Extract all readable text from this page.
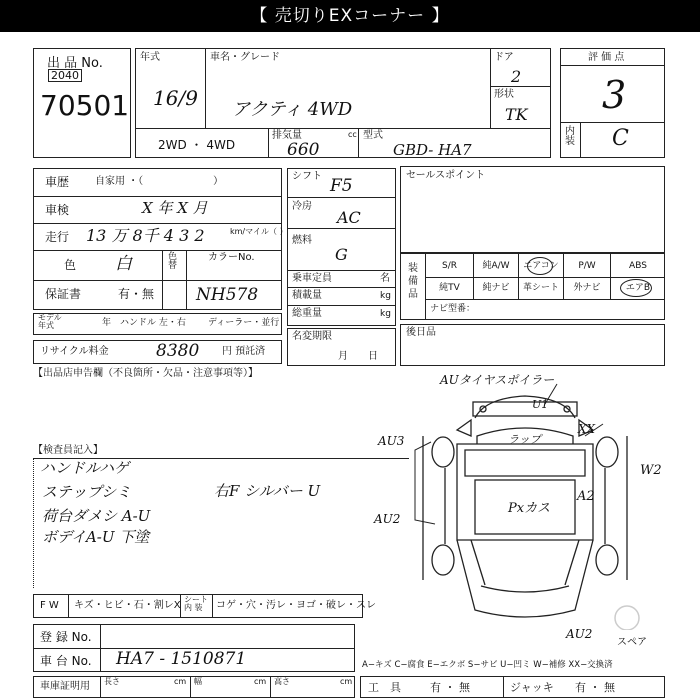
【 売切りEXコーナー 】
出 品 No.
2040
70501
年式
16/9
車名・グレード
アクティ 4WD
ドア
2
形状
TK
2WD ・ 4WD
排気量
660
cc 型式
GBD- HA7
評 価 点
3
内装 C
車歴	自家用 ・（　　　　　　　）
車検	X 年 X 月
走行 13 万 8千 4 3 2	km/マイル（ ）
色 白	色替
カラーNo.
NH578
保証書	有・無
モデル年式	年 ハンドル 左・右 ディーラー・並行
リサイクル料金	8380 円 預託済
シフト F5
冷房
AC
燃料
G
乗車定員	名
積載量	kg
総重量	kg
名変期限
月　　日
セールスポイント
装備品
S/R	純A/W	エアコン	P/W	ABS
純TV	純ナビ	革シート	外ナビ	エアB
ナビ型番：
後日品
【出品店申告欄（不良箇所・欠品・注意事項等）】
【検査員記入】
ハンドルハゲ
ステップシミ
荷台ダメシ A-U
ボデイA-U 下塗
右F シルバー U
AUタイヤスポイラー
U1
XX
W2
AU3	ラップ
Pxカス
A2
AU2
AU2
スペア
F W キズ・ヒビ・石・割レX
シート内 装	コゲ・穴・汚レ・ヨゴ・破レ・スレ
登 録 No.
車 台 No. HA7 - 1510871
車庫証明用 長さ	cm 幅	cm 高さ	cm
A−キズ C−腐食 E−エクボ S−サビ U−凹ミ W−補修 XX−交換済
工　具	有 ・ 無	ジャッキ 有 ・ 無
